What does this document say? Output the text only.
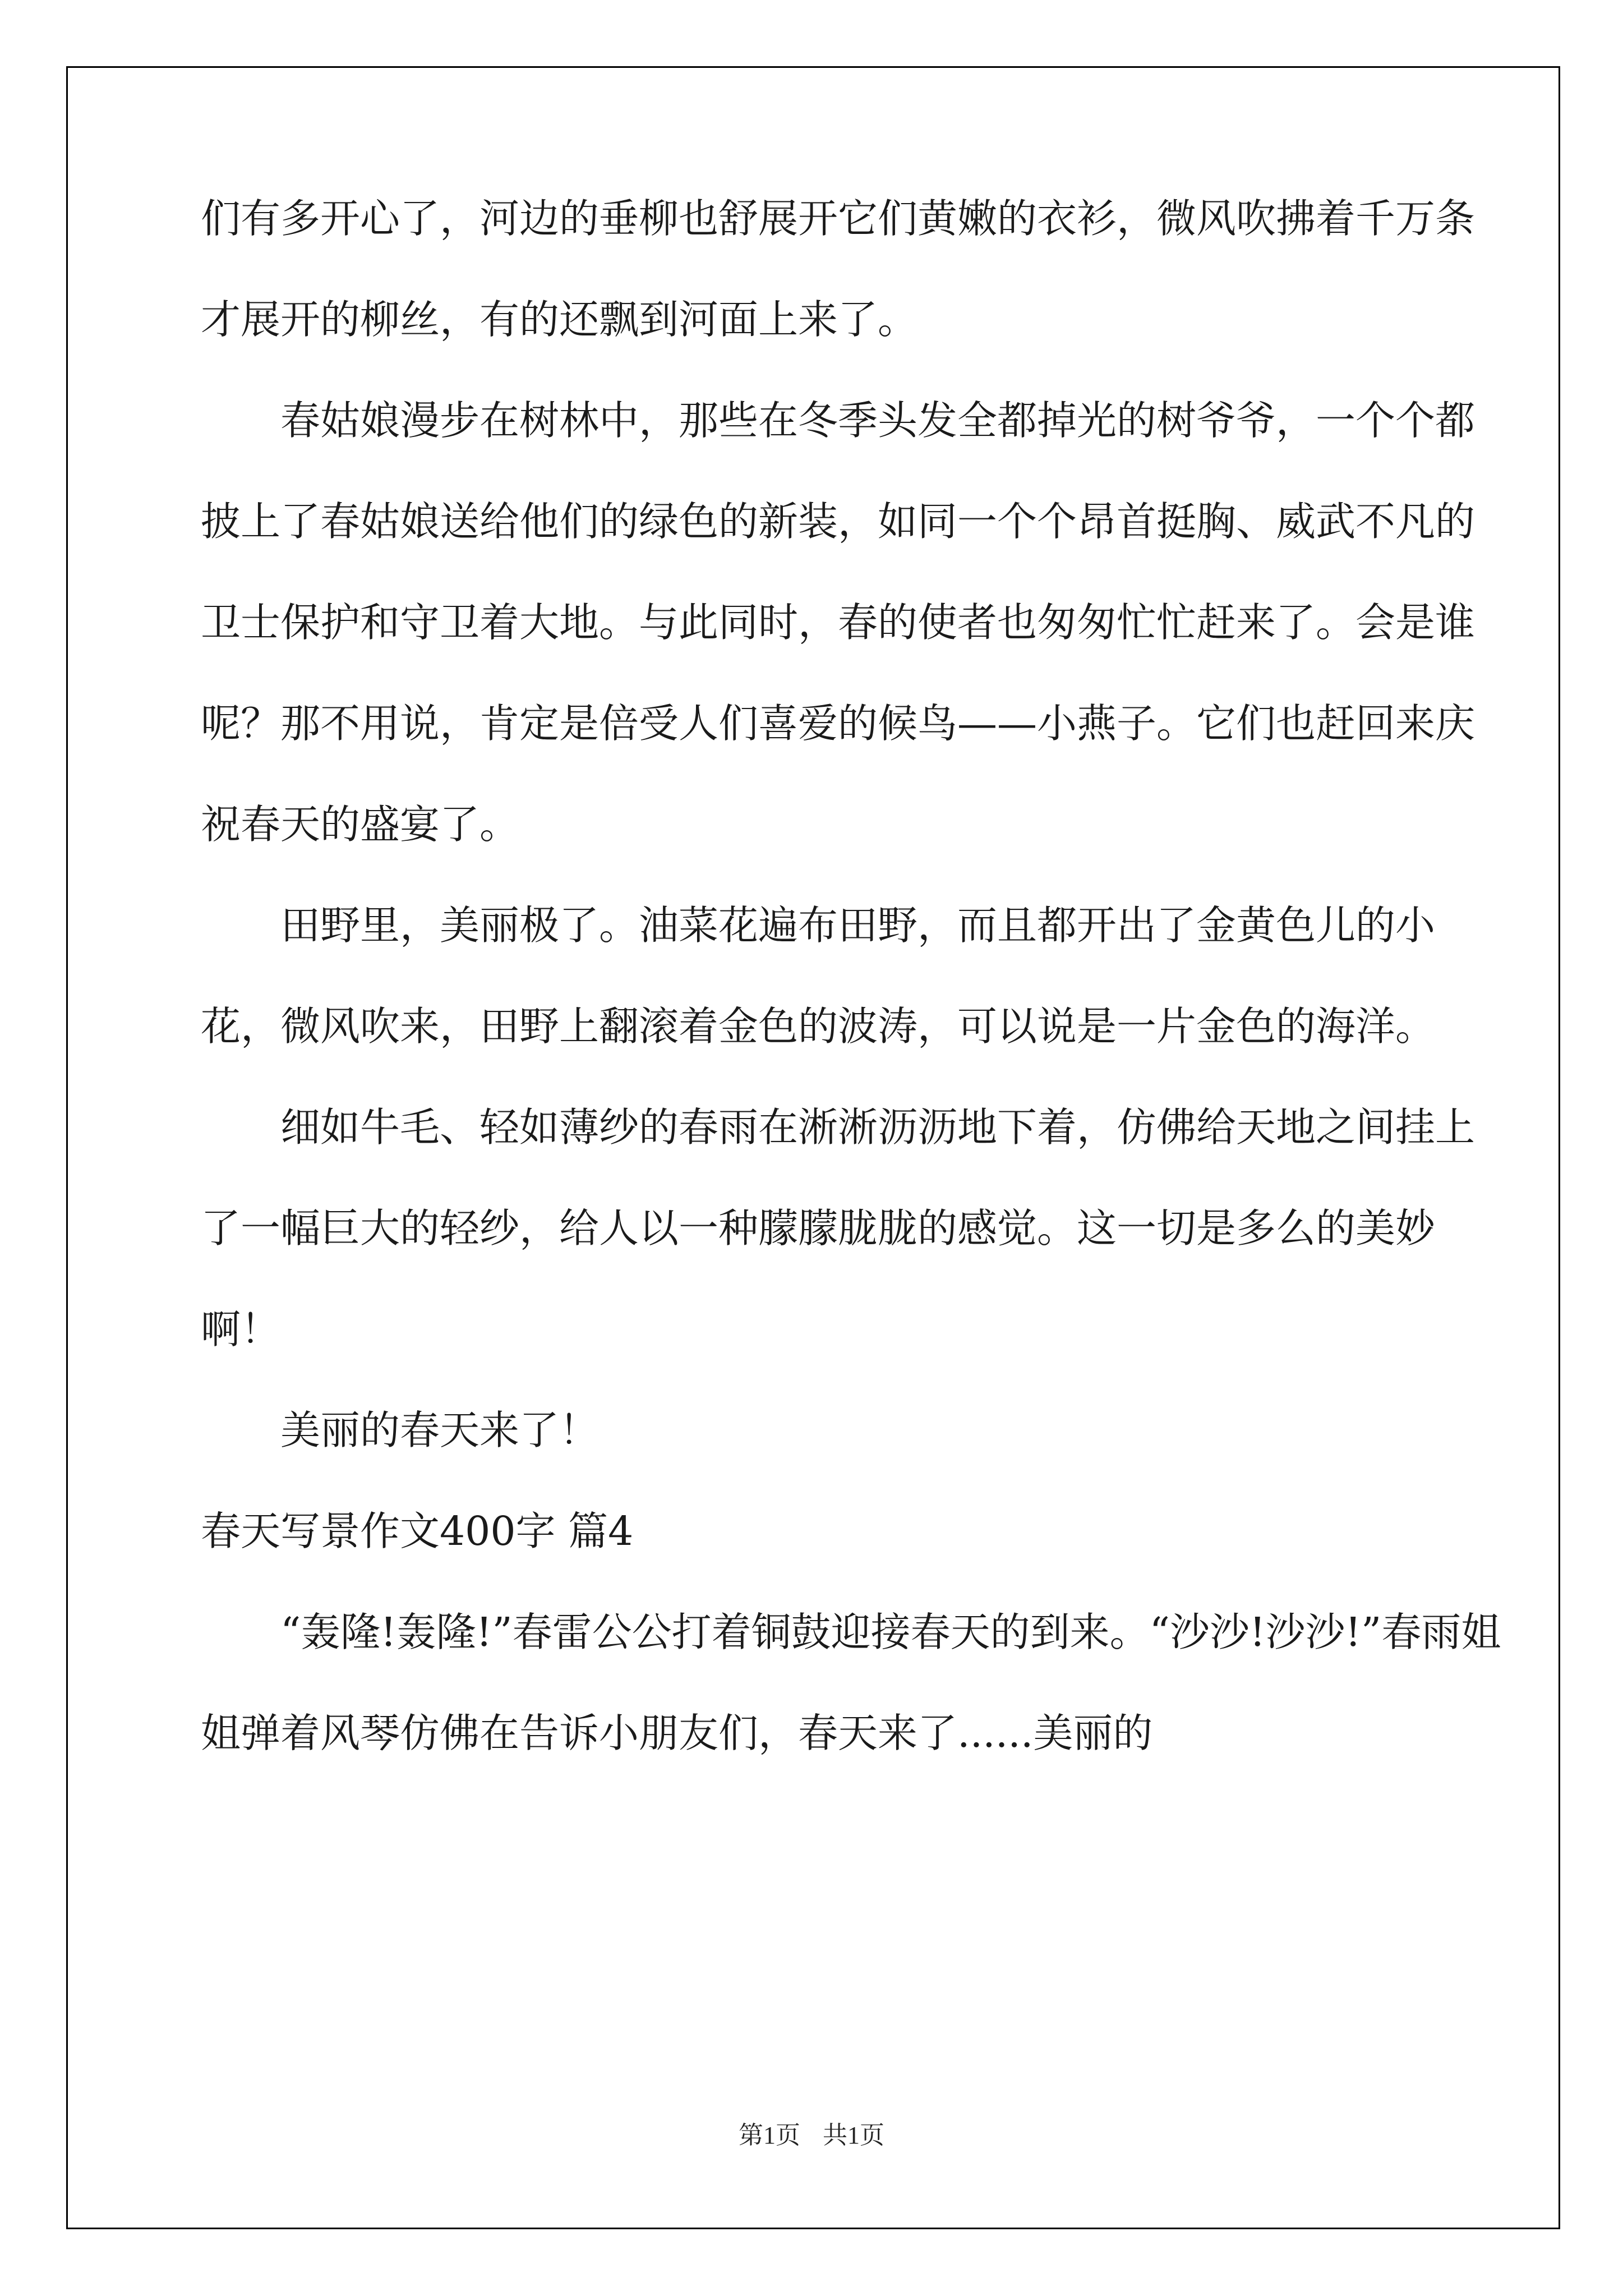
们有多开心了，河边的垂柳也舒展开它们黄嫩的衣衫，微风吹拂着千万条才展开的柳丝，有的还飘到河面上来了。

春姑娘漫步在树林中，那些在冬季头发全都掉光的树爷爷，一个个都披上了春姑娘送给他们的绿色的新装，如同一个个昂首挺胸、威武不凡的卫士保护和守卫着大地。与此同时，春的使者也匆匆忙忙赶来了。会是谁呢？那不用说，肯定是倍受人们喜爱的候鸟——小燕子。它们也赶回来庆祝春天的盛宴了。

田野里，美丽极了。油菜花遍布田野，而且都开出了金黄色儿的小花，微风吹来，田野上翻滚着金色的波涛，可以说是一片金色的海洋。

细如牛毛、轻如薄纱的春雨在淅淅沥沥地下着，仿佛给天地之间挂上了一幅巨大的轻纱，给人以一种朦朦胧胧的感觉。这一切是多么的美妙啊！

美丽的春天来了！

春天写景作文400字 篇4

“轰隆!轰隆!”春雷公公打着铜鼓迎接春天的到来。“沙沙!沙沙!”春雨姐姐弹着风琴仿佛在告诉小朋友们，春天来了......美丽的

第1页 共1页
